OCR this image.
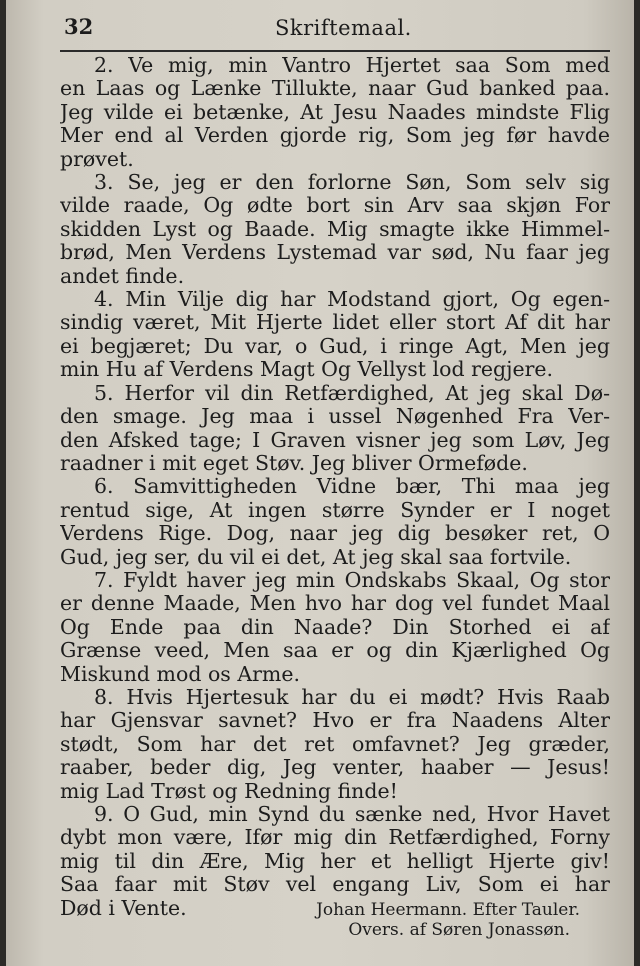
32	Skriftemaal.
2. Ve mig, min Vantro Hjertet saa Som med
en Laas og Lænke Tillukte, naar Gud banked paa.
Jeg vilde ei betænke, At Jesu Naades mindste Flig
Mer end al Verden gjorde rig, Som jeg før havde
prøvet.
3. Se, jeg er den forlorne Søn, Som selv sig
vilde raade, Og ødte bort sin Arv saa skjøn For
skidden Lyst og Baade. Mig smagte ikke Himmel-
brød, Men Verdens Lystemad var sød, Nu faar jeg
andet finde.
4. Min Vilje dig har Modstand gjort, Og egen-
sindig været, Mit Hjerte lidet eller stort Af dit har
ei begjæret; Du var, o Gud, i ringe Agt, Men jeg
min Hu af Verdens Magt Og Vellyst lod regjere.
5. Herfor vil din Retfærdighed, At jeg skal Dø-
den smage. Jeg maa i ussel Nøgenhed Fra Ver-
den Afsked tage; I Graven visner jeg som Løv, Jeg
raadner i mit eget Støv. Jeg bliver Ormeføde.
6. Samvittigheden Vidne bær, Thi maa jeg
rentud sige, At ingen større Synder er I noget
Verdens Rige. Dog, naar jeg dig besøker ret, O
Gud, jeg ser, du vil ei det, At jeg skal saa fortvile.
7. Fyldt haver jeg min Ondskabs Skaal, Og stor
er denne Maade, Men hvo har dog vel fundet Maal
Og Ende paa din Naade? Din Storhed ei af
Grænse veed, Men saa er og din Kjærlighed Og
Miskund mod os Arme.
8. Hvis Hjertesuk har du ei mødt? Hvis Raab
har Gjensvar savnet? Hvo er fra Naadens Alter
stødt, Som har det ret omfavnet? Jeg græder,
raaber, beder dig, Jeg venter, haaber — Jesus!
mig Lad Trøst og Redning finde!
9. O Gud, min Synd du sænke ned, Hvor Havet
dybt mon være, Ifør mig din Retfærdighed, Forny
mig til din Ære, Mig her et helligt Hjerte giv!
Saa faar mit Støv vel engang Liv, Som ei har
Død i Vente.	Johan Heermann. Efter Tauler.
Overs. af Søren Jonassøn.
